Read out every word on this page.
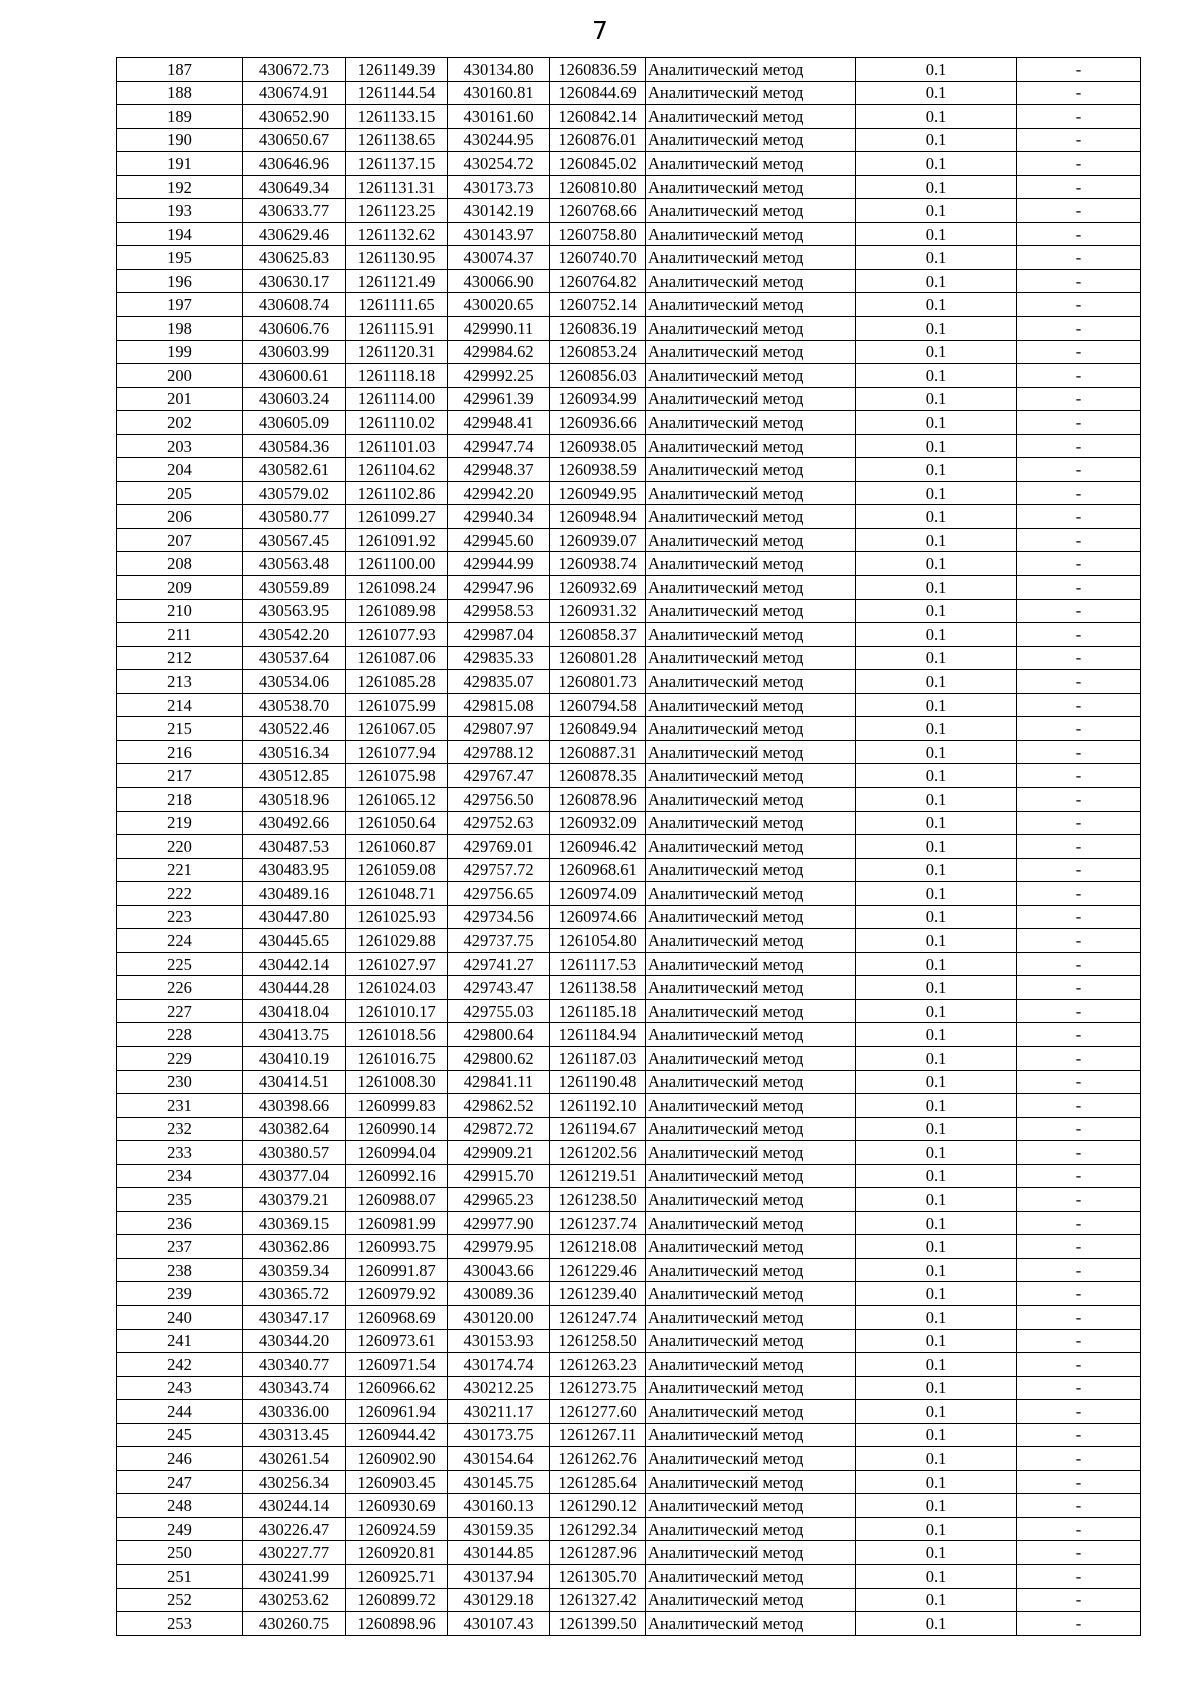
7
187	430672.73	1261149.39	430134.80	1260836.59	Аналитический метод	0.1	-
188	430674.91	1261144.54	430160.81	1260844.69	Аналитический метод	0.1	-
189	430652.90	1261133.15	430161.60	1260842.14	Аналитический метод	0.1	-
190	430650.67	1261138.65	430244.95	1260876.01	Аналитический метод	0.1	-
191	430646.96	1261137.15	430254.72	1260845.02	Аналитический метод	0.1	-
192	430649.34	1261131.31	430173.73	1260810.80	Аналитический метод	0.1	-
193	430633.77	1261123.25	430142.19	1260768.66	Аналитический метод	0.1	-
194	430629.46	1261132.62	430143.97	1260758.80	Аналитический метод	0.1	-
195	430625.83	1261130.95	430074.37	1260740.70	Аналитический метод	0.1	-
196	430630.17	1261121.49	430066.90	1260764.82	Аналитический метод	0.1	-
197	430608.74	1261111.65	430020.65	1260752.14	Аналитический метод	0.1	-
198	430606.76	1261115.91	429990.11	1260836.19	Аналитический метод	0.1	-
199	430603.99	1261120.31	429984.62	1260853.24	Аналитический метод	0.1	-
200	430600.61	1261118.18	429992.25	1260856.03	Аналитический метод	0.1	-
201	430603.24	1261114.00	429961.39	1260934.99	Аналитический метод	0.1	-
202	430605.09	1261110.02	429948.41	1260936.66	Аналитический метод	0.1	-
203	430584.36	1261101.03	429947.74	1260938.05	Аналитический метод	0.1	-
204	430582.61	1261104.62	429948.37	1260938.59	Аналитический метод	0.1	-
205	430579.02	1261102.86	429942.20	1260949.95	Аналитический метод	0.1	-
206	430580.77	1261099.27	429940.34	1260948.94	Аналитический метод	0.1	-
207	430567.45	1261091.92	429945.60	1260939.07	Аналитический метод	0.1	-
208	430563.48	1261100.00	429944.99	1260938.74	Аналитический метод	0.1	-
209	430559.89	1261098.24	429947.96	1260932.69	Аналитический метод	0.1	-
210	430563.95	1261089.98	429958.53	1260931.32	Аналитический метод	0.1	-
211	430542.20	1261077.93	429987.04	1260858.37	Аналитический метод	0.1	-
212	430537.64	1261087.06	429835.33	1260801.28	Аналитический метод	0.1	-
213	430534.06	1261085.28	429835.07	1260801.73	Аналитический метод	0.1	-
214	430538.70	1261075.99	429815.08	1260794.58	Аналитический метод	0.1	-
215	430522.46	1261067.05	429807.97	1260849.94	Аналитический метод	0.1	-
216	430516.34	1261077.94	429788.12	1260887.31	Аналитический метод	0.1	-
217	430512.85	1261075.98	429767.47	1260878.35	Аналитический метод	0.1	-
218	430518.96	1261065.12	429756.50	1260878.96	Аналитический метод	0.1	-
219	430492.66	1261050.64	429752.63	1260932.09	Аналитический метод	0.1	-
220	430487.53	1261060.87	429769.01	1260946.42	Аналитический метод	0.1	-
221	430483.95	1261059.08	429757.72	1260968.61	Аналитический метод	0.1	-
222	430489.16	1261048.71	429756.65	1260974.09	Аналитический метод	0.1	-
223	430447.80	1261025.93	429734.56	1260974.66	Аналитический метод	0.1	-
224	430445.65	1261029.88	429737.75	1261054.80	Аналитический метод	0.1	-
225	430442.14	1261027.97	429741.27	1261117.53	Аналитический метод	0.1	-
226	430444.28	1261024.03	429743.47	1261138.58	Аналитический метод	0.1	-
227	430418.04	1261010.17	429755.03	1261185.18	Аналитический метод	0.1	-
228	430413.75	1261018.56	429800.64	1261184.94	Аналитический метод	0.1	-
229	430410.19	1261016.75	429800.62	1261187.03	Аналитический метод	0.1	-
230	430414.51	1261008.30	429841.11	1261190.48	Аналитический метод	0.1	-
231	430398.66	1260999.83	429862.52	1261192.10	Аналитический метод	0.1	-
232	430382.64	1260990.14	429872.72	1261194.67	Аналитический метод	0.1	-
233	430380.57	1260994.04	429909.21	1261202.56	Аналитический метод	0.1	-
234	430377.04	1260992.16	429915.70	1261219.51	Аналитический метод	0.1	-
235	430379.21	1260988.07	429965.23	1261238.50	Аналитический метод	0.1	-
236	430369.15	1260981.99	429977.90	1261237.74	Аналитический метод	0.1	-
237	430362.86	1260993.75	429979.95	1261218.08	Аналитический метод	0.1	-
238	430359.34	1260991.87	430043.66	1261229.46	Аналитический метод	0.1	-
239	430365.72	1260979.92	430089.36	1261239.40	Аналитический метод	0.1	-
240	430347.17	1260968.69	430120.00	1261247.74	Аналитический метод	0.1	-
241	430344.20	1260973.61	430153.93	1261258.50	Аналитический метод	0.1	-
242	430340.77	1260971.54	430174.74	1261263.23	Аналитический метод	0.1	-
243	430343.74	1260966.62	430212.25	1261273.75	Аналитический метод	0.1	-
244	430336.00	1260961.94	430211.17	1261277.60	Аналитический метод	0.1	-
245	430313.45	1260944.42	430173.75	1261267.11	Аналитический метод	0.1	-
246	430261.54	1260902.90	430154.64	1261262.76	Аналитический метод	0.1	-
247	430256.34	1260903.45	430145.75	1261285.64	Аналитический метод	0.1	-
248	430244.14	1260930.69	430160.13	1261290.12	Аналитический метод	0.1	-
249	430226.47	1260924.59	430159.35	1261292.34	Аналитический метод	0.1	-
250	430227.77	1260920.81	430144.85	1261287.96	Аналитический метод	0.1	-
251	430241.99	1260925.71	430137.94	1261305.70	Аналитический метод	0.1	-
252	430253.62	1260899.72	430129.18	1261327.42	Аналитический метод	0.1	-
253	430260.75	1260898.96	430107.43	1261399.50	Аналитический метод	0.1	-
